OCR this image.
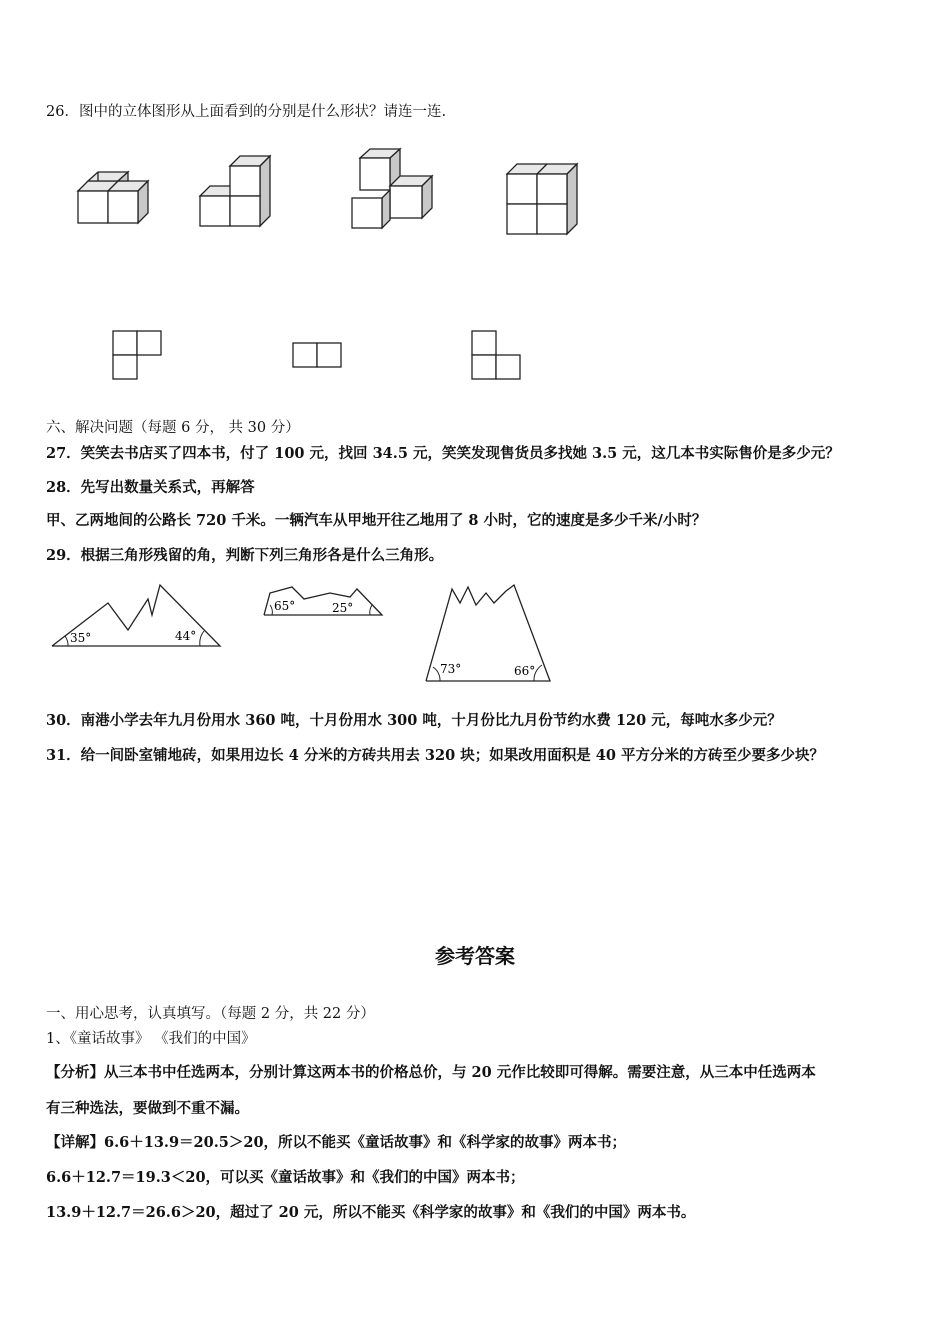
26．图中的立体图形从上面看到的分别是什么形状？请连一连.
六、解决问题（每题 6 分， 共 30 分）
27．笑笑去书店买了四本书，付了 100 元，找回 34.5 元，笑笑发现售货员多找她 3.5 元，这几本书实际售价是多少元？
28．先写出数量关系式，再解答
甲、乙两地间的公路长 720 千米。一辆汽车从甲地开往乙地用了 8 小时，它的速度是多少千米/小时？
29．根据三角形残留的角，判断下列三角形各是什么三角形。
35°	44°
65°	25°
73°	66°
30．南港小学去年九月份用水 360 吨，十月份用水 300 吨，十月份比九月份节约水费 120 元，每吨水多少元？
31．给一间卧室铺地砖，如果用边长 4 分米的方砖共用去 320 块；如果改用面积是 40 平方分米的方砖至少要多少块？
参考答案
一、用心思考，认真填写。（每题 2 分，共 22 分）
1、《童话故事》 《我们的中国》
【分析】从三本书中任选两本，分别计算这两本书的价格总价，与 20 元作比较即可得解。需要注意，从三本中任选两本
有三种选法，要做到不重不漏。
【详解】6.6＋13.9＝20.5＞20，所以不能买《童话故事》和《科学家的故事》两本书；
6.6＋12.7＝19.3＜20，可以买《童话故事》和《我们的中国》两本书；
13.9＋12.7＝26.6＞20，超过了 20 元，所以不能买《科学家的故事》和《我们的中国》两本书。
